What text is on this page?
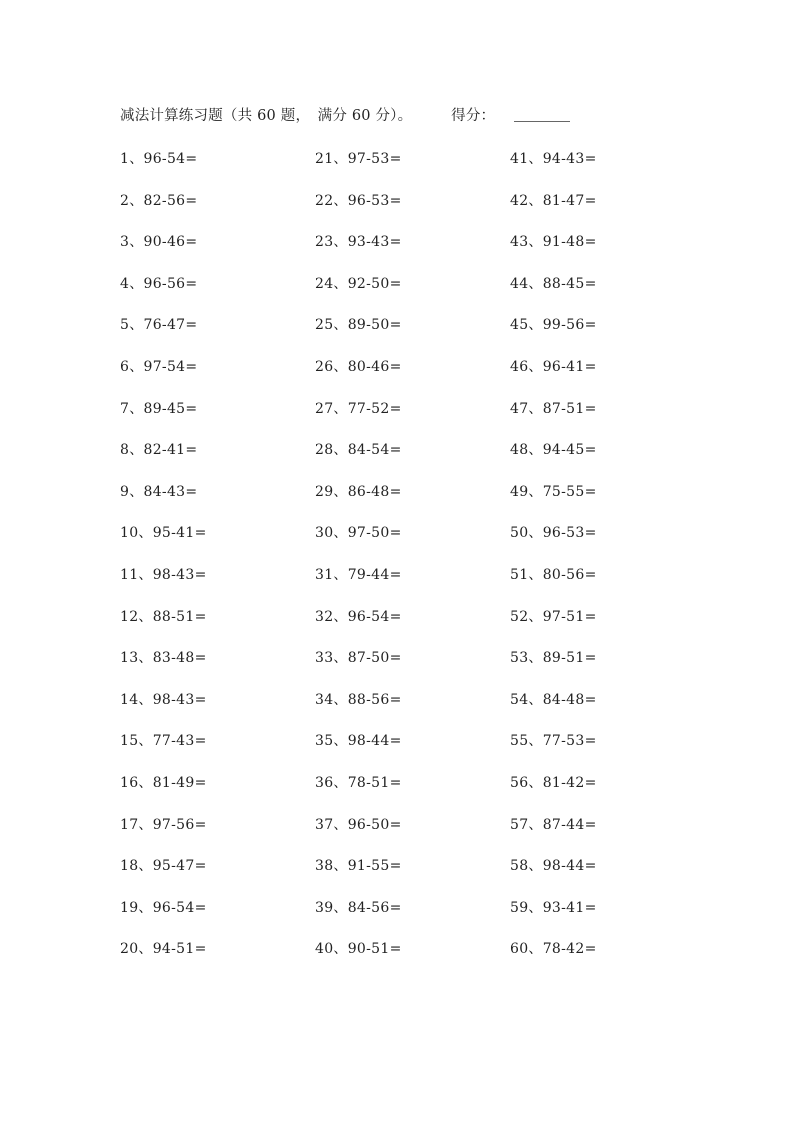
减法计算练习题（共 60 题，　满分 60 分）。	得分：
1、96-54=
2、82-56=
3、90-46=
4、96-56=
5、76-47=
6、97-54=
7、89-45=
8、82-41=
9、84-43=
10、95-41=
11、98-43=
12、88-51=
13、83-48=
14、98-43=
15、77-43=
16、81-49=
17、97-56=
18、95-47=
19、96-54=
20、94-51=
21、97-53=
22、96-53=
23、93-43=
24、92-50=
25、89-50=
26、80-46=
27、77-52=
28、84-54=
29、86-48=
30、97-50=
31、79-44=
32、96-54=
33、87-50=
34、88-56=
35、98-44=
36、78-51=
37、96-50=
38、91-55=
39、84-56=
40、90-51=
41、94-43=
42、81-47=
43、91-48=
44、88-45=
45、99-56=
46、96-41=
47、87-51=
48、94-45=
49、75-55=
50、96-53=
51、80-56=
52、97-51=
53、89-51=
54、84-48=
55、77-53=
56、81-42=
57、87-44=
58、98-44=
59、93-41=
60、78-42=
